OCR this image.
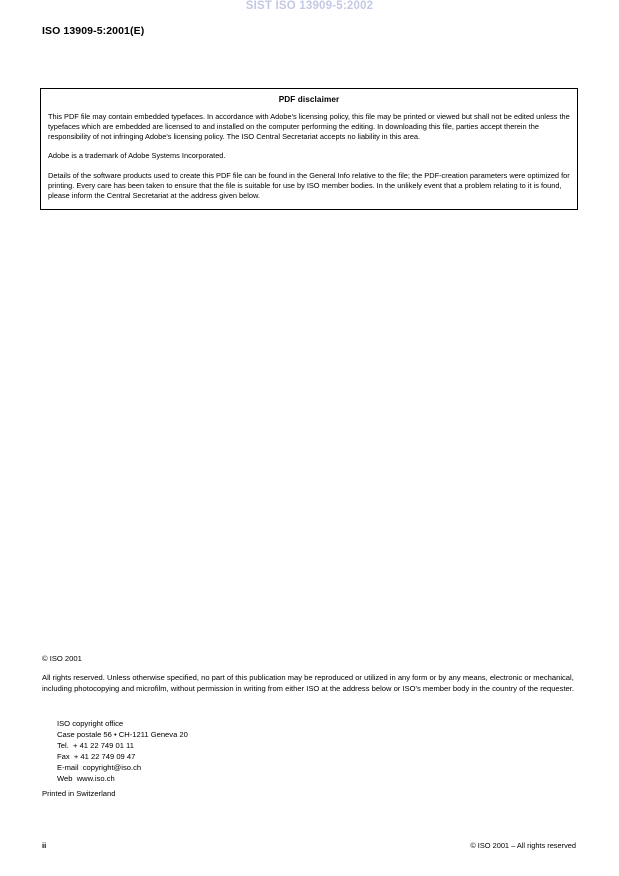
SIST ISO 13909-5:2002
ISO 13909-5:2001(E)
PDF disclaimer

This PDF file may contain embedded typefaces. In accordance with Adobe's licensing policy, this file may be printed or viewed but shall not be edited unless the typefaces which are embedded are licensed to and installed on the computer performing the editing. In downloading this file, parties accept therein the responsibility of not infringing Adobe's licensing policy. The ISO Central Secretariat accepts no liability in this area.

Adobe is a trademark of Adobe Systems Incorporated.

Details of the software products used to create this PDF file can be found in the General Info relative to the file; the PDF-creation parameters were optimized for printing. Every care has been taken to ensure that the file is suitable for use by ISO member bodies. In the unlikely event that a problem relating to it is found, please inform the Central Secretariat at the address given below.

© ISO 2001
All rights reserved. Unless otherwise specified, no part of this publication may be reproduced or utilized in any form or by any means, electronic or mechanical, including photocopying and microfilm, without permission in writing from either ISO at the address below or ISO's member body in the country of the requester.
ISO copyright office
Case postale 56 • CH-1211 Geneva 20
Tel.  + 41 22 749 01 11
Fax  + 41 22 749 09 47
E-mail  copyright@iso.ch
Web  www.iso.ch
Printed in Switzerland
ii	© ISO 2001 – All rights reserved
